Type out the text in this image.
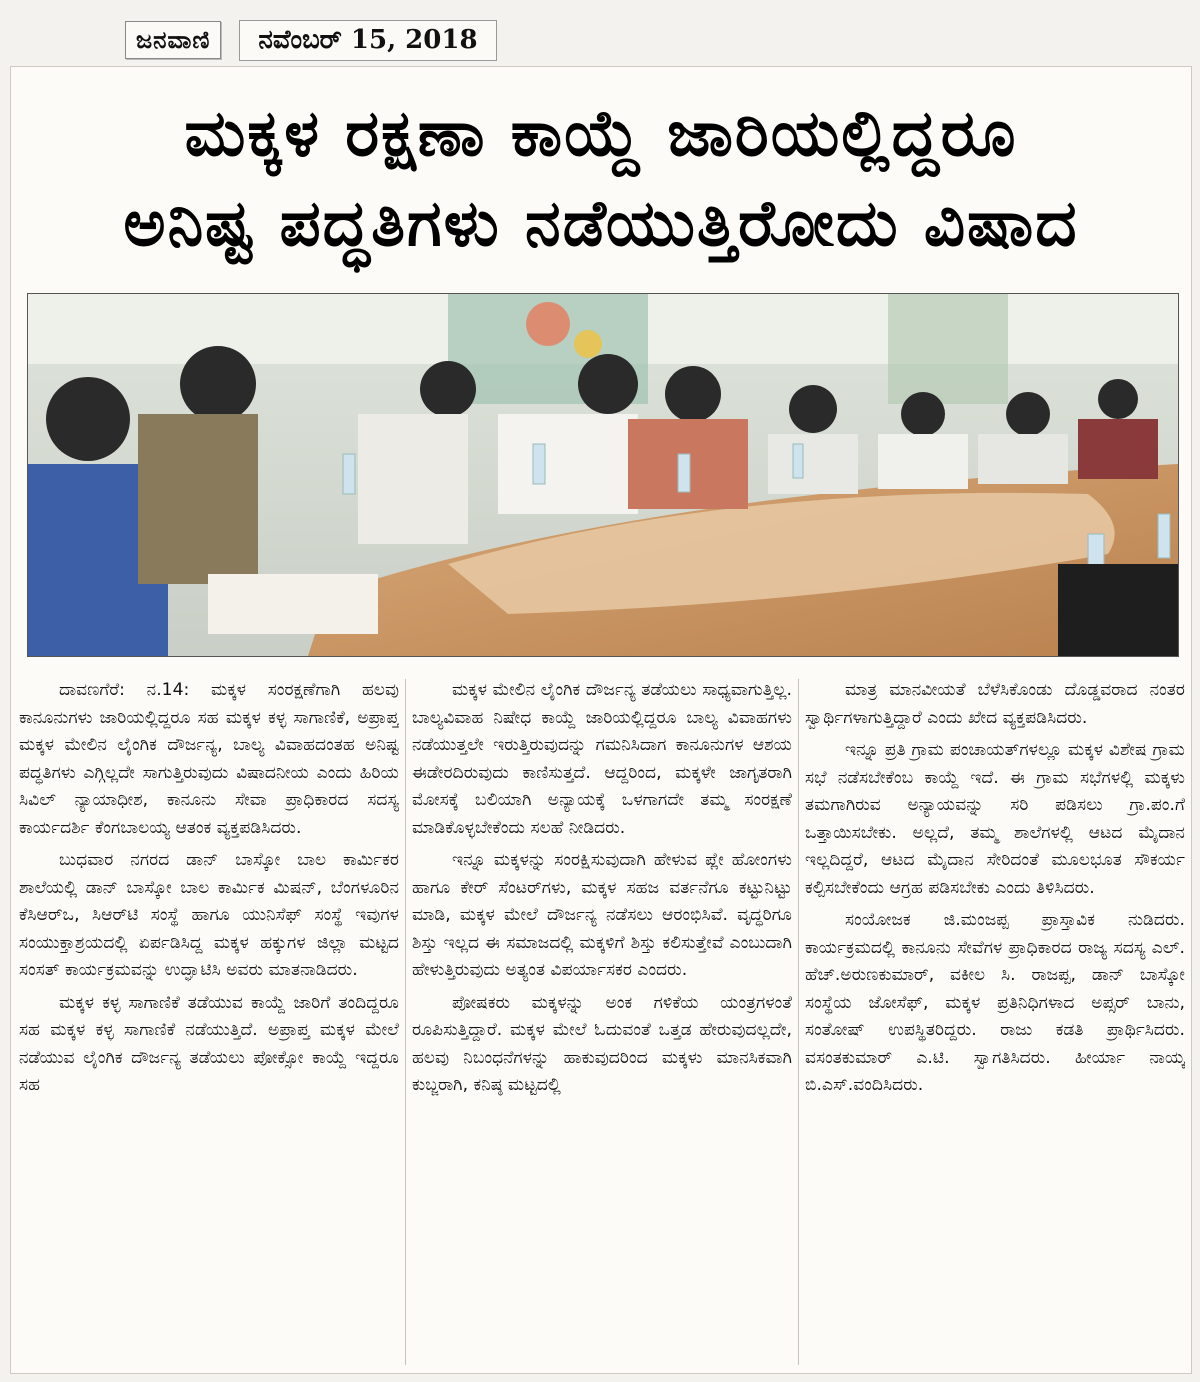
ಜನವಾಣಿ	ನವೆಂಬರ್ 15, 2018
ಮಕ್ಕಳ ರಕ್ಷಣಾ ಕಾಯ್ದೆ ಜಾರಿಯಲ್ಲಿದ್ದರೂ
ಅನಿಷ್ಟ ಪದ್ಧತಿಗಳು ನಡೆಯುತ್ತಿರೋದು ವಿಷಾದ

ದಾವಣಗೆರೆ: ನ.14: ಮಕ್ಕಳ ಸಂರಕ್ಷಣೆಗಾಗಿ ಹಲವು ಕಾನೂನುಗಳು ಜಾರಿಯಲ್ಲಿದ್ದರೂ ಸಹ ಮಕ್ಕಳ ಕಳ್ಳ ಸಾಗಾಣಿಕೆ, ಅಪ್ರಾಪ್ತ ಮಕ್ಕಳ ಮೇಲಿನ ಲೈಂಗಿಕ ದೌರ್ಜನ್ಯ, ಬಾಲ್ಯ ವಿವಾಹದಂತಹ ಅನಿಷ್ಟ ಪದ್ಧತಿಗಳು ಎಗ್ಗಿಲ್ಲದೇ ಸಾಗುತ್ತಿರುವುದು ವಿಷಾದನೀಯ ಎಂದು ಹಿರಿಯ ಸಿವಿಲ್ ನ್ಯಾಯಾಧೀಶ, ಕಾನೂನು ಸೇವಾ ಪ್ರಾಧಿಕಾರದ ಸದಸ್ಯ ಕಾರ್ಯದರ್ಶಿ ಕೆಂಗಬಾಲಯ್ಯ ಆತಂಕ ವ್ಯಕ್ತಪಡಿಸಿದರು.

ಬುಧವಾರ ನಗರದ ಡಾನ್ ಬಾಸ್ಕೋ ಬಾಲ ಕಾರ್ಮಿಕರ ಶಾಲೆಯಲ್ಲಿ ಡಾನ್ ಬಾಸ್ಕೋ ಬಾಲ ಕಾರ್ಮಿಕ ಮಿಷನ್, ಬೆಂಗಳೂರಿನ ಕೆಸಿಆರ್‌ಒ, ಸಿಆರ್‌ಟಿ ಸಂಸ್ಥೆ ಹಾಗೂ ಯುನಿಸೆಫ್ ಸಂಸ್ಥೆ ಇವುಗಳ ಸಂಯುಕ್ತಾಶ್ರಯದಲ್ಲಿ ಏರ್ಪಡಿಸಿದ್ದ ಮಕ್ಕಳ ಹಕ್ಕುಗಳ ಜಿಲ್ಲಾ ಮಟ್ಟದ ಸಂಸತ್ ಕಾರ್ಯಕ್ರಮವನ್ನು ಉದ್ಘಾಟಿಸಿ ಅವರು ಮಾತನಾಡಿದರು.

ಮಕ್ಕಳ ಕಳ್ಳ ಸಾಗಾಣಿಕೆ ತಡೆಯುವ ಕಾಯ್ದೆ ಜಾರಿಗೆ ತಂದಿದ್ದರೂ ಸಹ ಮಕ್ಕಳ ಕಳ್ಳ ಸಾಗಾಣಿಕೆ ನಡೆಯುತ್ತಿದೆ. ಅಪ್ರಾಪ್ತ ಮಕ್ಕಳ ಮೇಲೆ ನಡೆಯುವ ಲೈಂಗಿಕ ದೌರ್ಜನ್ಯ ತಡೆಯಲು ಪೋಕ್ಸೋ ಕಾಯ್ದೆ ಇದ್ದರೂ ಸಹ

ಮಕ್ಕಳ ಮೇಲಿನ ಲೈಂಗಿಕ ದೌರ್ಜನ್ಯ ತಡೆಯಲು ಸಾಧ್ಯವಾಗುತ್ತಿಲ್ಲ. ಬಾಲ್ಯವಿವಾಹ ನಿಷೇಧ ಕಾಯ್ದೆ ಜಾರಿಯಲ್ಲಿದ್ದರೂ ಬಾಲ್ಯ ವಿವಾಹಗಳು ನಡೆಯುತ್ತಲೇ ಇರುತ್ತಿರುವುದನ್ನು ಗಮನಿಸಿದಾಗ ಕಾನೂನುಗಳ ಆಶಯ ಈಡೇರದಿರುವುದು ಕಾಣಿಸುತ್ತದೆ. ಆದ್ದರಿಂದ, ಮಕ್ಕಳೇ ಜಾಗೃತರಾಗಿ ಮೋಸಕ್ಕೆ ಬಲಿಯಾಗಿ ಅನ್ಯಾಯಕ್ಕೆ ಒಳಗಾಗದೇ ತಮ್ಮ ಸಂರಕ್ಷಣೆ ಮಾಡಿಕೊಳ್ಳಬೇಕೆಂದು ಸಲಹೆ ನೀಡಿದರು.

ಇನ್ನೂ ಮಕ್ಕಳನ್ನು ಸಂರಕ್ಷಿಸುವುದಾಗಿ ಹೇಳುವ ಪ್ಲೇ ಹೋಂಗಳು ಹಾಗೂ ಕೇರ್ ಸೆಂಟರ್‌ಗಳು, ಮಕ್ಕಳ ಸಹಜ ವರ್ತನೆಗೂ ಕಟ್ಟುನಿಟ್ಟು ಮಾಡಿ, ಮಕ್ಕಳ ಮೇಲೆ ದೌರ್ಜನ್ಯ ನಡೆಸಲು ಆರಂಭಿಸಿವೆ. ವೃದ್ಧರಿಗೂ ಶಿಸ್ತು ಇಲ್ಲದ ಈ ಸಮಾಜದಲ್ಲಿ ಮಕ್ಕಳಿಗೆ ಶಿಸ್ತು ಕಲಿಸುತ್ತೇವೆ ಎಂಬುದಾಗಿ ಹೇಳುತ್ತಿರುವುದು ಅತ್ಯಂತ ವಿಪರ್ಯಾಸಕರ ಎಂದರು.

ಪೋಷಕರು ಮಕ್ಕಳನ್ನು ಅಂಕ ಗಳಿಕೆಯ ಯಂತ್ರಗಳಂತೆ ರೂಪಿಸುತ್ತಿದ್ದಾರೆ. ಮಕ್ಕಳ ಮೇಲೆ ಓದುವಂತೆ ಒತ್ತಡ ಹೇರುವುದಲ್ಲದೇ, ಹಲವು ನಿಬಂಧನೆಗಳನ್ನು ಹಾಕುವುದರಿಂದ ಮಕ್ಕಳು ಮಾನಸಿಕವಾಗಿ ಕುಬ್ಜರಾಗಿ, ಕನಿಷ್ಠ ಮಟ್ಟದಲ್ಲಿ

ಮಾತ್ರ ಮಾನವೀಯತೆ ಬೆಳೆಸಿಕೊಂಡು ದೊಡ್ಡವರಾದ ನಂತರ ಸ್ವಾರ್ಥಿಗಳಾಗುತ್ತಿದ್ದಾರೆ ಎಂದು ಖೇದ ವ್ಯಕ್ತಪಡಿಸಿದರು.

ಇನ್ನೂ ಪ್ರತಿ ಗ್ರಾಮ ಪಂಚಾಯತ್‌ಗಳಲ್ಲೂ ಮಕ್ಕಳ ವಿಶೇಷ ಗ್ರಾಮ ಸಭೆ ನಡೆಸಬೇಕೆಂಬ ಕಾಯ್ದೆ ಇದೆ. ಈ ಗ್ರಾಮ ಸಭೆಗಳಲ್ಲಿ ಮಕ್ಕಳು ತಮಗಾಗಿರುವ ಅನ್ಯಾಯವನ್ನು ಸರಿ ಪಡಿಸಲು ಗ್ರಾ.ಪಂ.ಗೆ ಒತ್ತಾಯಿಸಬೇಕು. ಅಲ್ಲದೆ, ತಮ್ಮ ಶಾಲೆಗಳಲ್ಲಿ ಆಟದ ಮೈದಾನ ಇಲ್ಲದಿದ್ದರೆ, ಆಟದ ಮೈದಾನ ಸೇರಿದಂತೆ ಮೂಲಭೂತ ಸೌಕರ್ಯ ಕಲ್ಪಿಸಬೇಕೆಂದು ಆಗ್ರಹ ಪಡಿಸಬೇಕು ಎಂದು ತಿಳಿಸಿದರು.

ಸಂಯೋಜಕ ಜಿ.ಮಂಜಪ್ಪ ಪ್ರಾಸ್ತಾವಿಕ ನುಡಿದರು. ಕಾರ್ಯಕ್ರಮದಲ್ಲಿ ಕಾನೂನು ಸೇವೆಗಳ ಪ್ರಾಧಿಕಾರದ ರಾಜ್ಯ ಸದಸ್ಯ ಎಲ್. ಹೆಚ್.ಅರುಣಕುಮಾರ್, ವಕೀಲ ಸಿ. ರಾಜಪ್ಪ, ಡಾನ್ ಬಾಸ್ಕೋ ಸಂಸ್ಥೆಯ ಜೋಸೆಫ್, ಮಕ್ಕಳ ಪ್ರತಿನಿಧಿಗಳಾದ ಅಪ್ಸರ್ ಬಾನು, ಸಂತೋಷ್ ಉಪಸ್ಥಿತರಿದ್ದರು. ರಾಜು ಕಡತಿ ಪ್ರಾರ್ಥಿಸಿದರು. ವಸಂತಕುಮಾರ್ ಎ.ಟಿ. ಸ್ವಾಗತಿಸಿದರು. ಹೀರ್ಯಾ ನಾಯ್ಕ ಬಿ.ಎಸ್.ವಂದಿಸಿದರು.
